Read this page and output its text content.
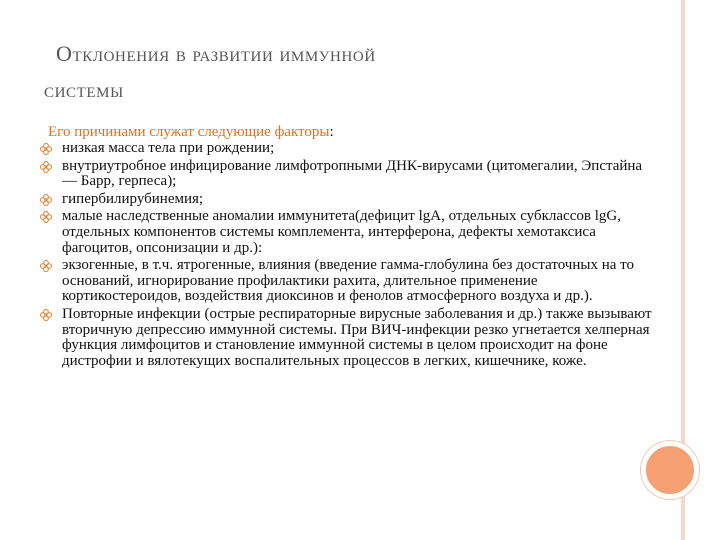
Отклонения в развитии иммунной
системы
Его причинами служат следующие факторы:
низкая масса тела при рождении;
внутриутробное инфицирование лимфотропными ДНК-вирусами (цитомегалии, Эпстайна — Барр, герпеса);
гипербилирубинемия;
малые наследственные аномалии иммунитета(дефицит lgA, отдельных субклассов lgG, отдельных компонентов системы комплемента, интерферона, дефекты хемотаксиса фагоцитов, опсонизации и др.):
экзогенные, в т.ч. ятрогенные, влияния (введение гамма-глобулина без достаточных на то оснований, игнорирование профилактики рахита, длительное применение кортикостероидов, воздействия диоксинов и фенолов атмосферного воздуха и др.).
Повторные инфекции (острые респираторные вирусные заболевания и др.) также вызывают вторичную депрессию иммунной системы. При ВИЧ-инфекции резко угнетается хелперная функция лимфоцитов и становление иммунной системы в целом происходит на фоне дистрофии и вялотекущих воспалительных процессов в легких, кишечнике, коже.
